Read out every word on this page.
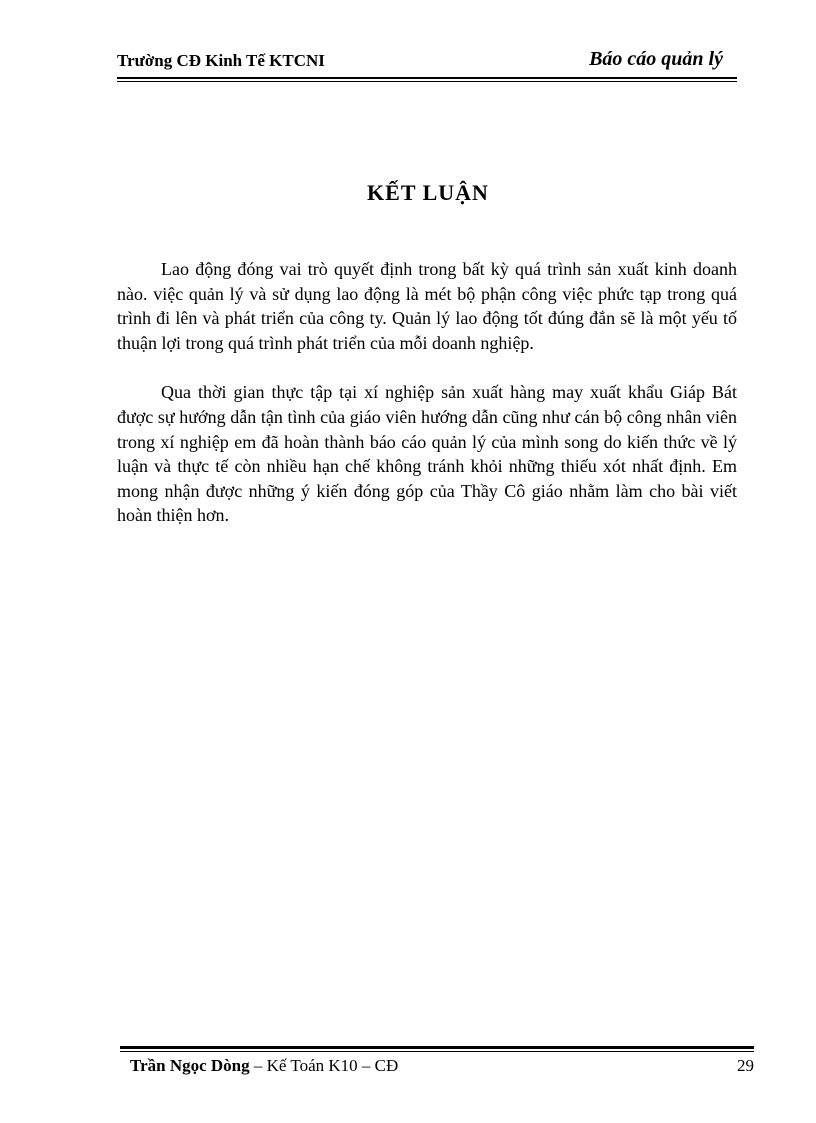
Trường CĐ Kinh Tế KTCNI	Báo cáo quản lý
KẾT LUẬN

Lao động đóng vai trò quyết định trong bất kỳ quá trình sản xuất kinh doanh nào. việc quản lý và sử dụng lao động là mét bộ phận công việc phức tạp trong quá trình đi lên và phát triển của công ty. Quản lý lao động tốt đúng đắn sẽ là một yếu tố thuận lợi trong quá trình phát triển của mỗi doanh nghiệp.

Qua thời gian thực tập tại xí nghiệp sản xuất hàng may xuất khẩu Giáp Bát được sự hướng dẫn tận tình của giáo viên hướng dẫn cũng như cán bộ công nhân viên trong xí nghiệp em đã hoàn thành báo cáo quản lý của mình song do kiến thức về lý luận và thực tế còn nhiều hạn chế không tránh khỏi những thiếu xót nhất định. Em mong nhận được những ý kiến đóng góp của Thầy Cô giáo nhằm làm cho bài viết hoàn thiện hơn.

Trần Ngọc Dòng – Kế Toán K10 – CĐ	29
